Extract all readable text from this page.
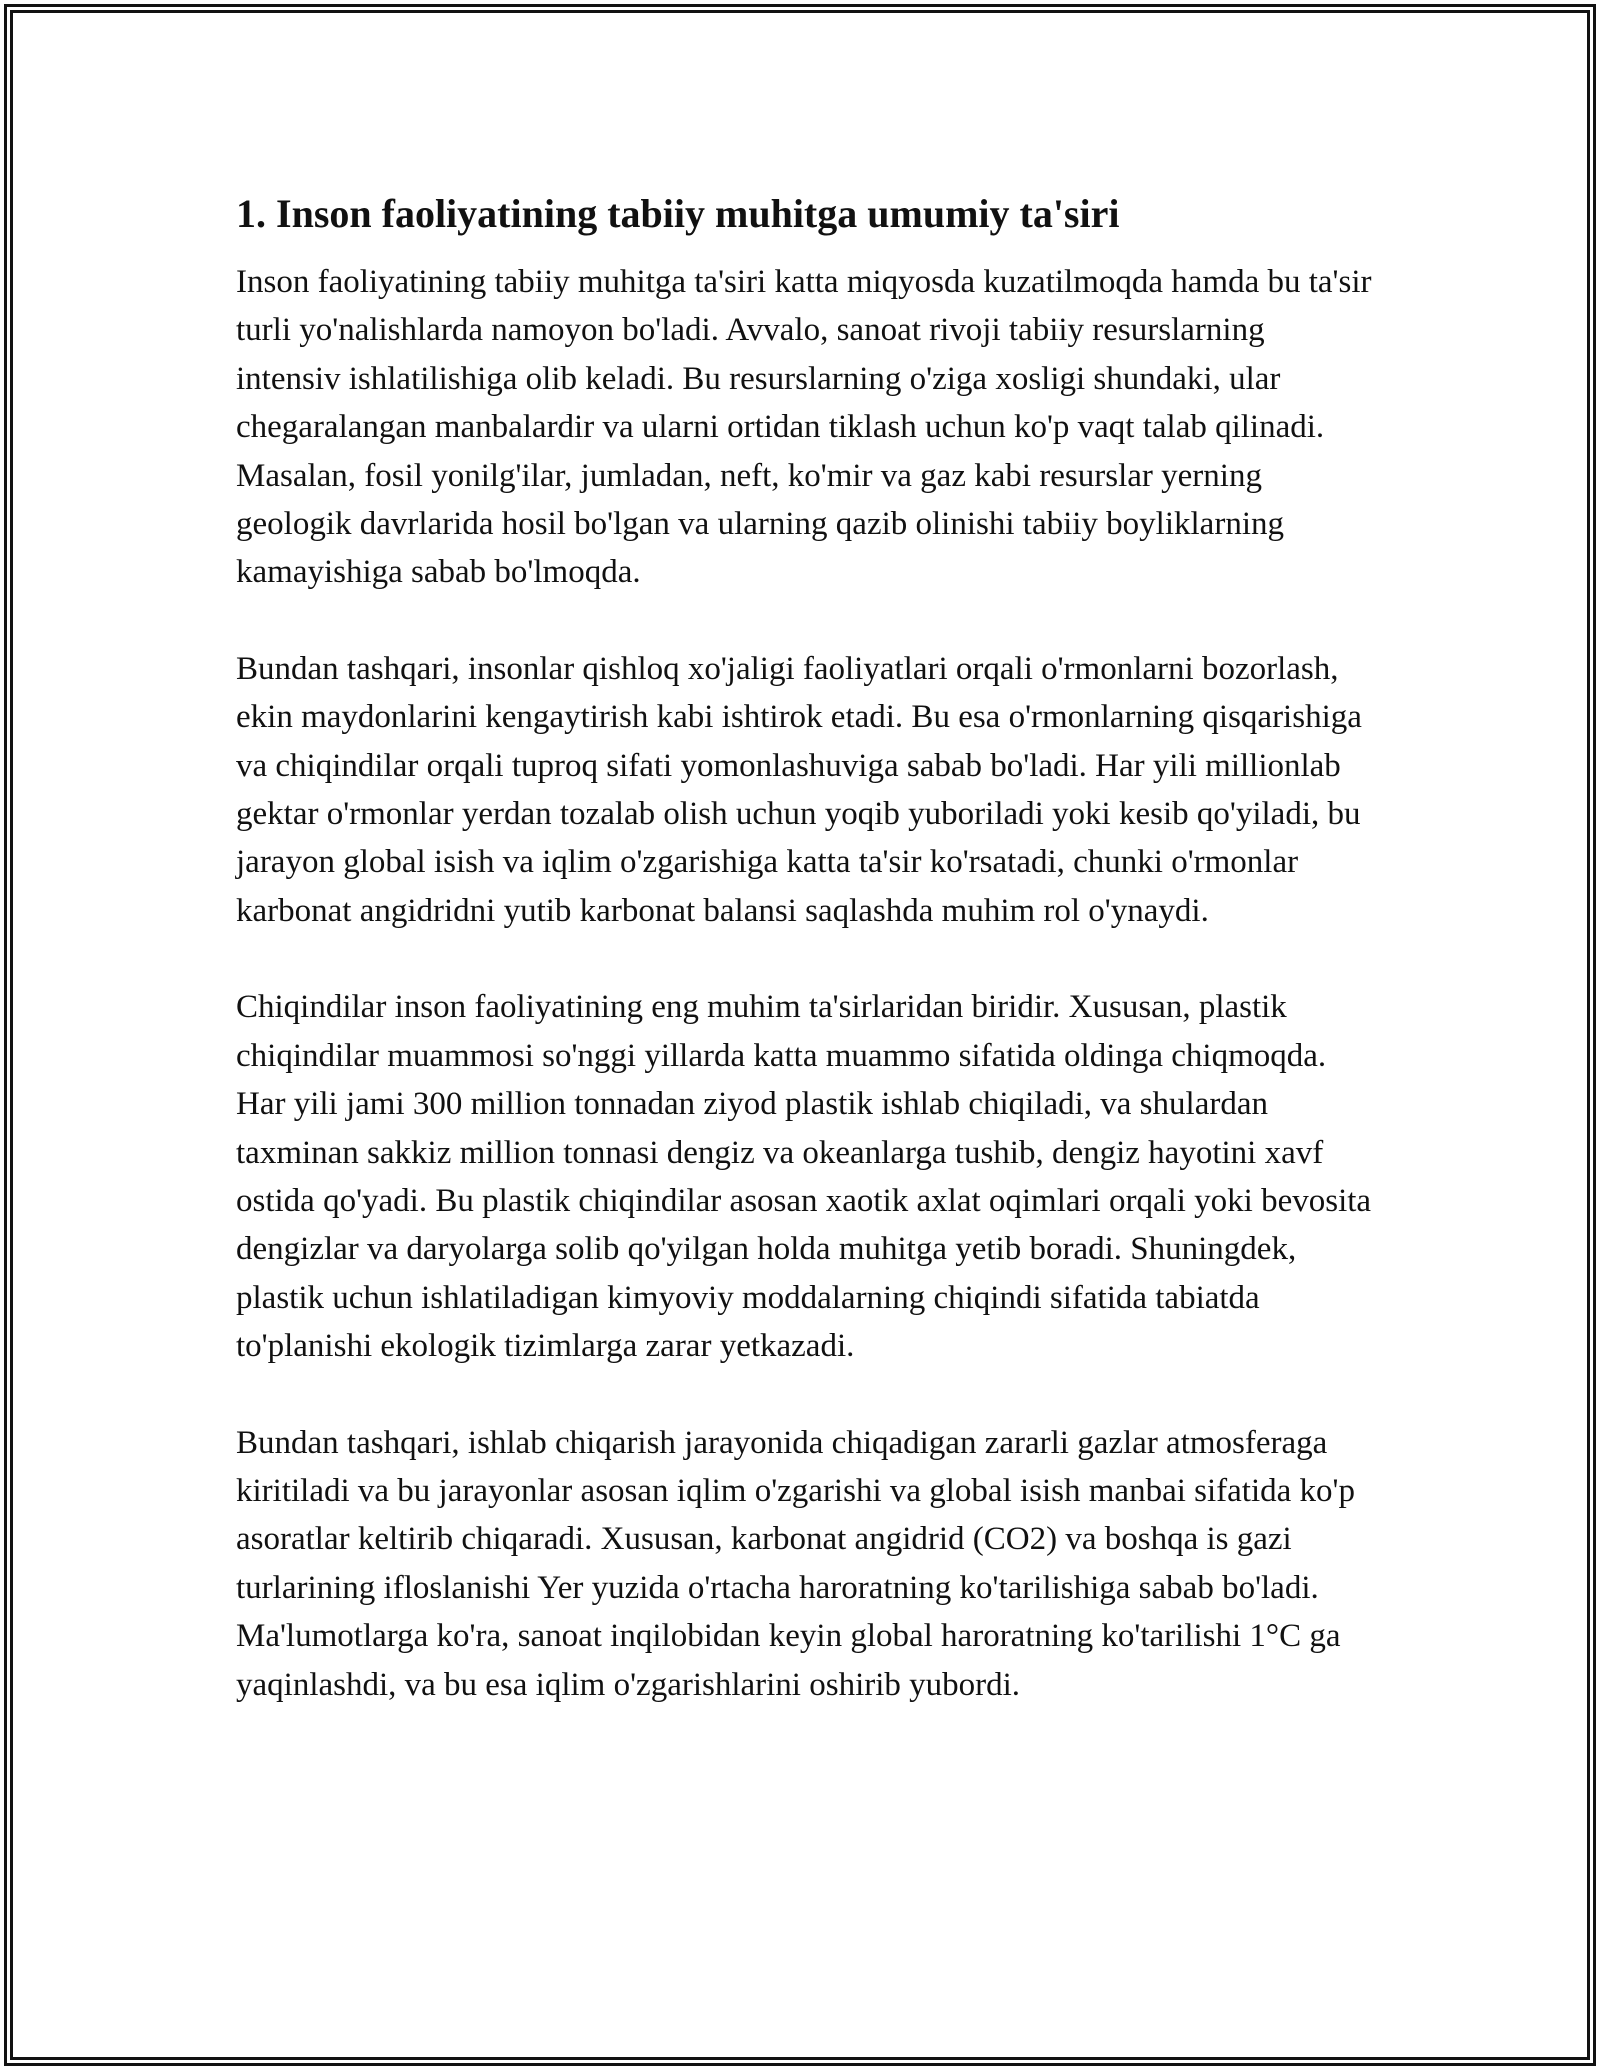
1. Inson faoliyatining tabiiy muhitga umumiy ta'siri

Inson faoliyatining tabiiy muhitga ta'siri katta miqyosda kuzatilmoqda hamda bu ta'sir turli yo'nalishlarda namoyon bo'ladi. Avvalo, sanoat rivoji tabiiy resurslarning intensiv ishlatilishiga olib keladi. Bu resurslarning o'ziga xosligi shundaki, ular chegaralangan manbalardir va ularni ortidan tiklash uchun ko'p vaqt talab qilinadi. Masalan, fosil yonilg'ilar, jumladan, neft, ko'mir va gaz kabi resurslar yerning geologik davrlarida hosil bo'lgan va ularning qazib olinishi tabiiy boyliklarning kamayishiga sabab bo'lmoqda.

Bundan tashqari, insonlar qishloq xo'jaligi faoliyatlari orqali o'rmonlarni bozorlash, ekin maydonlarini kengaytirish kabi ishtirok etadi. Bu esa o'rmonlarning qisqarishiga va chiqindilar orqali tuproq sifati yomonlashuviga sabab bo'ladi. Har yili millionlab gektar o'rmonlar yerdan tozalab olish uchun yoqib yuboriladi yoki kesib qo'yiladi, bu jarayon global isish va iqlim o'zgarishiga katta ta'sir ko'rsatadi, chunki o'rmonlar karbonat angidridni yutib karbonat balansi saqlashda muhim rol o'ynaydi.

Chiqindilar inson faoliyatining eng muhim ta'sirlaridan biridir. Xususan, plastik chiqindilar muammosi so'nggi yillarda katta muammo sifatida oldinga chiqmoqda. Har yili jami 300 million tonnadan ziyod plastik ishlab chiqiladi, va shulardan taxminan sakkiz million tonnasi dengiz va okeanlarga tushib, dengiz hayotini xavf ostida qo'yadi. Bu plastik chiqindilar asosan xaotik axlat oqimlari orqali yoki bevosita dengizlar va daryolarga solib qo'yilgan holda muhitga yetib boradi. Shuningdek, plastik uchun ishlatiladigan kimyoviy moddalarning chiqindi sifatida tabiatda to'planishi ekologik tizimlarga zarar yetkazadi.

Bundan tashqari, ishlab chiqarish jarayonida chiqadigan zararli gazlar atmosferaga kiritiladi va bu jarayonlar asosan iqlim o'zgarishi va global isish manbai sifatida ko'p asoratlar keltirib chiqaradi. Xususan, karbonat angidrid (CO2) va boshqa is gazi turlarining ifloslanishi Yer yuzida o'rtacha haroratning ko'tarilishiga sabab bo'ladi. Ma'lumotlarga ko'ra, sanoat inqilobidan keyin global haroratning ko'tarilishi 1°C ga yaqinlashdi, va bu esa iqlim o'zgarishlarini oshirib yubordi.
